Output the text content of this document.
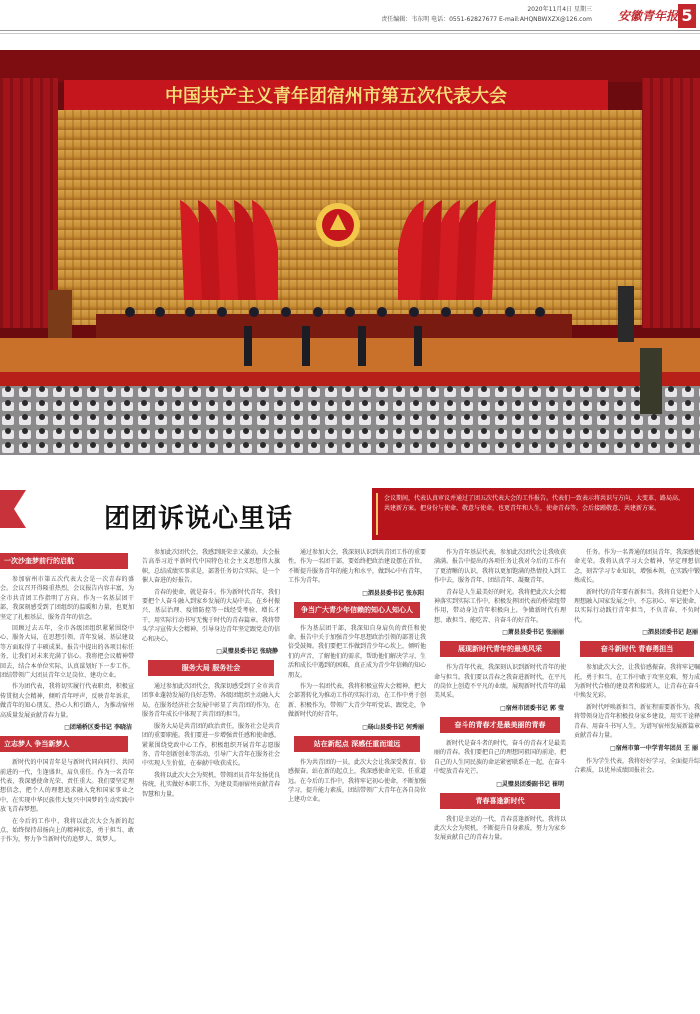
2020年11月4日 星期三
责任编辑：韦东明 电话：0551-62827677 E-mail:AHQNBWXZX@126.com 安徽青年报 5
中国共产主义青年团宿州市第五次代表大会
团团诉说心里话
会议期间，代表认真审议并通过了团五次代表大会的工作报告。代表们一致表示将共识与方向、大变革、路局高、共建新方案。把身份与使命、敬意与使命，也更青年和人生，使命青春等。会后接踵敬意、共建新方案。
一次沙奎梦前行的启航
参加宿州市第五次代表大会是一次青春的盛会。会议召开得隆重热烈，会议报告内容丰富，为全市共青团工作指明了方向。作为一名基层团干部，我深刻感受到了团组织的温暖和力量，也更加坚定了扎根基层、服务青年的信念。
回顾过去五年，全市各级团组织紧紧围绕中心、服务大局，在思想引领、青年发展、基层建设等方面取得了丰硕成果。报告中提出的各项目标任务，让我们对未来充满了信心。我将把会议精神带回去，结合本单位实际，认真谋划好下一步工作，团结带领广大团员青年立足岗位、建功立业。
作为团代表，我将切实履行代表职责，积极宣传贯彻大会精神，倾听青年呼声，反映青年诉求，做青年的知心朋友、热心人和引路人，为推动宿州高质量发展贡献青春力量。
□团埇桥区委书记 李晓洁
立志梦人 争当新梦人
新时代的中国青年是与新时代同向同行、共同前进的一代，生逢盛世，肩负重任。作为一名青年代表，我深感使命光荣、责任重大。我们要坚定理想信念，把个人的理想追求融入党和国家事业之中，在实现中华民族伟大复兴中国梦的生动实践中放飞青春梦想。
在今后的工作中，我将以此次大会为新的起点，始终保持昂扬向上的精神状态，勇于担当、敢于作为，努力争当新时代的追梦人、筑梦人。
参加此次团代会，我感到既荣幸又激动。大会报告高举习近平新时代中国特色社会主义思想伟大旗帜，总结成绩实事求是，部署任务切合实际，是一个催人奋进的好报告。
青春的使命，就是奋斗。作为新时代青年，我们要把个人奋斗融入到家乡发展的大局中去，在乡村振兴、基层治理、疫情防控等一线经受考验、增长才干，用实际行动书写无愧于时代的青春篇章。我将带头学习宣传大会精神，引导身边青年坚定跟党走的信心和决心。
□灵璧县委书记 张晓静
服务大局 服务社会
通过参加此次团代会，我深切感受到了全市共青团事业蓬勃发展的良好态势。各级团组织主动融入大局，在服务经济社会发展中彰显了共青团的作为，在服务青年成长中体现了共青团的担当。
服务大局是共青团的政治责任，服务社会是共青团的重要职能。我们要进一步增强责任感和使命感，紧紧围绕党政中心工作，积极组织开展青年志愿服务、青年创新创业等活动，引导广大青年在服务社会中实现人生价值，在奉献中收获成长。
我将以此次大会为契机，带领团员青年发扬优良传统，扎实做好本职工作，为建设美丽宿州贡献青春智慧和力量。
通过参加大会，我深刻认识到共青团工作的重要性，作为一名团干部，要始终把政治建设摆在首位，不断提升服务青年的能力和水平，做到心中有青年，工作为青年。
□泗县县委书记 张东阳
争当广大青少年信赖的知心人知心人
作为基层团干部，我深知自身肩负的责任和使命。报告中关于加强青少年思想政治引领的部署让我倍受鼓舞。我们要把工作做到青少年心坎上，倾听他们的声音，了解他们的需求，帮助他们解决学习、生活和成长中遇到的困难，真正成为青少年信赖的知心朋友。
作为一名团代表，我将积极宣传大会精神，把大会部署转化为推动工作的实际行动，在工作中勇于创新、积极作为，带领广大青少年听党话、跟党走，争做新时代的好青年。
□砀山县委书记 何秀丽
站在新起点 深感任重而道远
作为共青团的一员，此次大会让我深受教育、倍感振奋。站在新的起点上，我深感使命光荣、任重道远。在今后的工作中，我将牢记初心使命，不断加强学习，提升能力素质，团结带领广大青年在各自岗位上建功立业。
作为青年基层代表，参加此次团代会让我收获满满。报告中提出的各项任务让我对今后的工作有了更清晰的认识，我将以更加饱满的热情投入到工作中去，服务青年、团结青年、凝聚青年。
青春是人生最美好的时光。我将把此次大会精神落实到实际工作中，积极发挥团代表的桥梁纽带作用，带动身边青年积极向上，争做新时代有理想、敢担当、能吃苦、肯奋斗的好青年。
□萧县县委书记 张丽丽
展现新时代青年的最美风采
作为青年代表，我深刻认识到新时代青年的使命与担当。我们要以青春之我奋进新时代，在平凡的岗位上创造不平凡的业绩，展现新时代青年的最美风采。
□宿州市团委书记 郭 莹
奋斗的青春才是最美丽的青春
新时代是奋斗者的时代，奋斗的青春才是最美丽的青春。我们要把自己的理想同祖国的前途、把自己的人生同民族的命运紧密联系在一起，在奋斗中绽放青春光芒。
□灵璧县团委副书记 崔明
青春喜逢新时代
我们是幸运的一代，青春喜逢新时代。我将以此次大会为契机，不断提升自身素质，努力为家乡发展贡献自己的青春力量。
任务。作为一名普通的团员青年，我深感使命光荣。我将认真学习大会精神，坚定理想信念，刻苦学习专业知识，增强本领，在实践中锻炼成长。
新时代的青年要有新担当。我将自觉把个人理想融入国家发展之中，不忘初心、牢记使命，以实际行动践行青年担当，不负青春、不负时代。
□泗县团委书记 赵丽
奋斗新时代 青春勇担当
参加此次大会，让我倍感振奋。我将牢记嘱托，勇于担当，在工作中敢于攻坚克难，努力成为新时代合格的建设者和接班人，让青春在奋斗中焕发光彩。
新时代呼唤新担当，新征程需要新作为。我将带领身边青年积极投身家乡建设，用实干诠释青春、用奋斗书写人生，为谱写宿州发展新篇章贡献青春力量。
□宿州市第一中学青年团员 王 丽
作为学生代表，我将好好学习，全面提升综合素质，以优异成绩回报社会。
